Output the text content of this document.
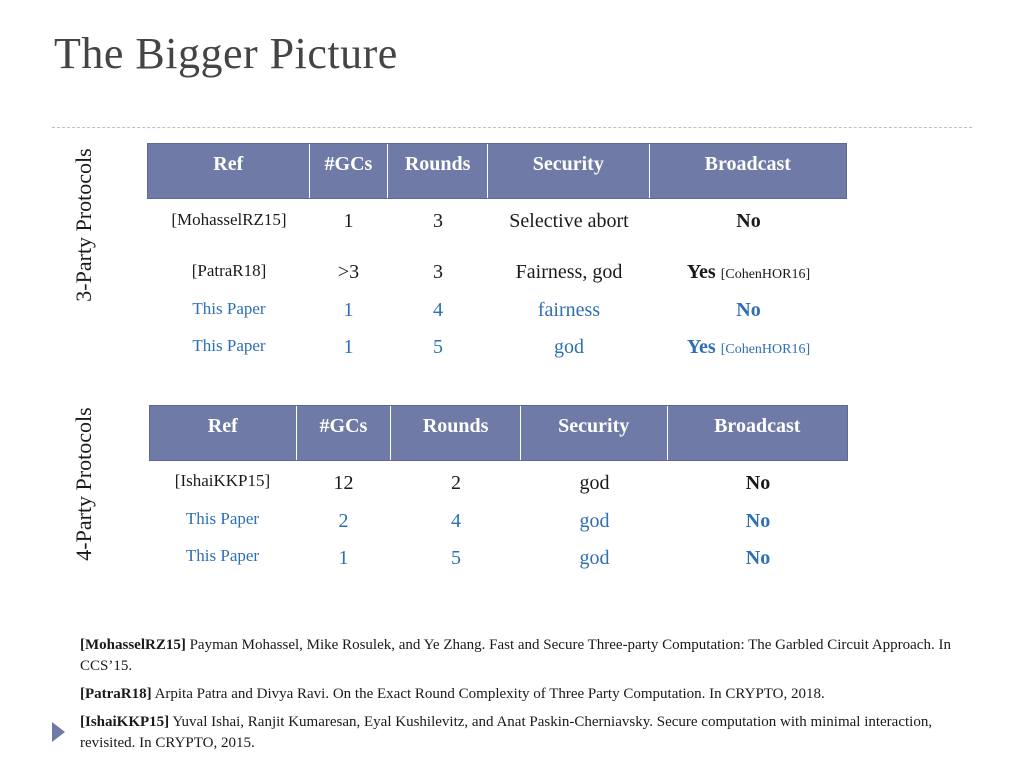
The Bigger Picture
3-Party Protocols	Ref	#GCs	Rounds	Security	Broadcast
[MohasselRZ15]	1	3	Selective abort	No
[PatraR18]	>3	3	Fairness, god	Yes [CohenHOR16]
This Paper	1	4	fairness	No
This Paper	1	5	god	Yes [CohenHOR16]
4-Party Protocols	Ref	#GCs	Rounds	Security	Broadcast
[IshaiKKP15]	12	2	god	No
This Paper	2	4	god	No
This Paper	1	5	god	No

[MohasselRZ15] Payman Mohassel, Mike Rosulek, and Ye Zhang. Fast and Secure Three-party Computation: The Garbled Circuit Approach. In CCS’15.

[PatraR18] Arpita Patra and Divya Ravi. On the Exact Round Complexity of Three Party Computation. In CRYPTO, 2018.

[IshaiKKP15] Yuval Ishai, Ranjit Kumaresan, Eyal Kushilevitz, and Anat Paskin-Cherniavsky. Secure computation with minimal interaction, revisited. In CRYPTO, 2015.
